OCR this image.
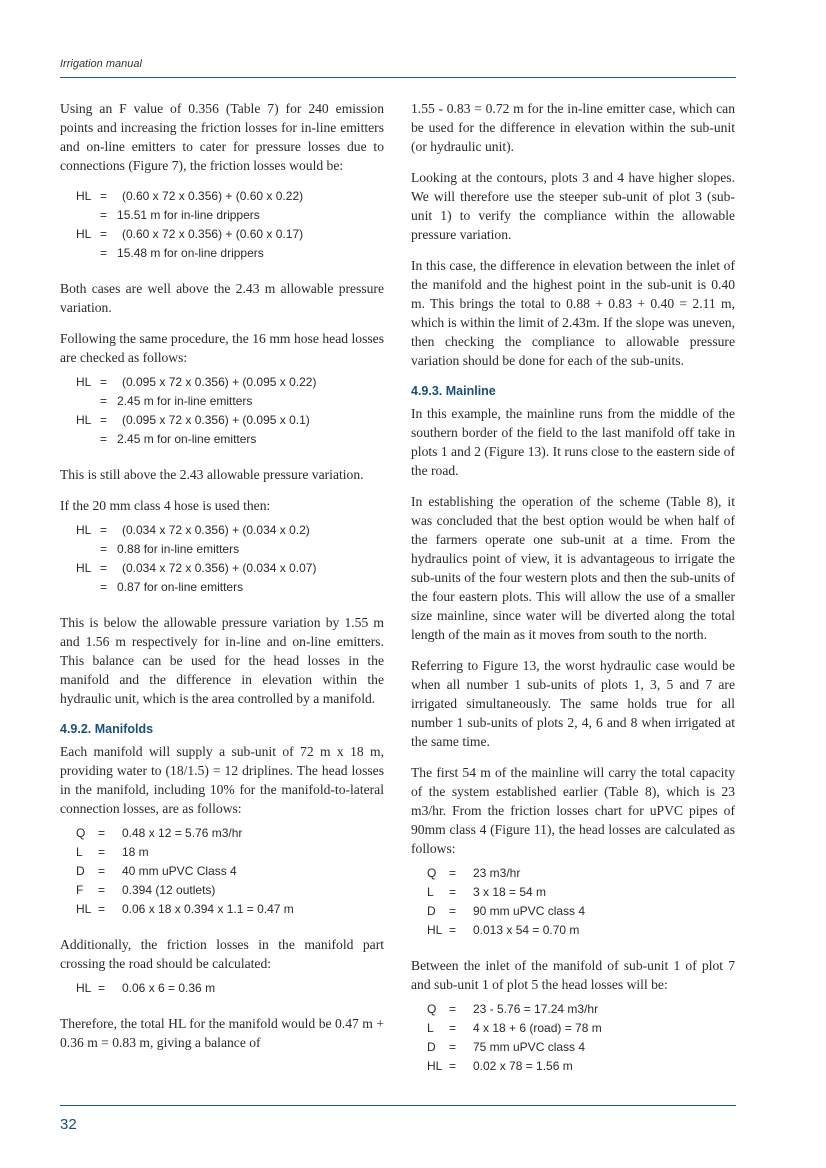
Irrigation manual

Using an F value of 0.356 (Table 7) for 240 emission points and increasing the friction losses for in-line emitters and on-line emitters to cater for pressure losses due to connections (Figure 7), the friction losses would be:

HL	=	(0.60 x 72 x 0.356) + (0.60 x 0.22)
=   15.51 m for in-line drippers		
HL	=	(0.60 x 72 x 0.356) + (0.60 x 0.17)
=   15.48 m for on-line drippers		

Both cases are well above the 2.43 m allowable pressure variation.

Following the same procedure, the 16 mm hose head losses are checked as follows:

HL	=	(0.095 x 72 x 0.356) + (0.095 x 0.22)
=   2.45 m for in-line emitters		
HL	=	(0.095 x 72 x 0.356) + (0.095 x 0.1)
=   2.45 m for on-line emitters		

This is still above the 2.43 allowable pressure variation.

If the 20 mm class 4 hose is used then:

HL	=	(0.034 x 72 x 0.356) + (0.034 x 0.2)
=   0.88 for in-line emitters		
HL	=	(0.034 x 72 x 0.356) + (0.034 x 0.07)
=   0.87 for on-line emitters		

This is below the allowable pressure variation by 1.55 m and 1.56 m respectively for in-line and on-line emitters. This balance can be used for the head losses in the manifold and the difference in elevation within the hydraulic unit, which is the area controlled by a manifold.

4.9.2. Manifolds

Each manifold will supply a sub-unit of 72 m x 18 m, providing water to (18/1.5) = 12 driplines. The head losses in the manifold, including 10% for the manifold-to-lateral connection losses, are as follows:

Q	=	0.48 x 12 = 5.76 m3/hr
L	=	18 m
D	=	40 mm uPVC Class 4
F	=	0.394 (12 outlets)
HL	=	0.06 x 18 x 0.394 x 1.1 = 0.47 m

Additionally, the friction losses in the manifold part crossing the road should be calculated:

HL	=	0.06 x 6 = 0.36 m

Therefore, the total HL for the manifold would be 0.47 m + 0.36 m = 0.83 m, giving a balance of

1.55 - 0.83 = 0.72 m for the in-line emitter case, which can be used for the difference in elevation within the sub-unit (or hydraulic unit).

Looking at the contours, plots 3 and 4 have higher slopes. We will therefore use the steeper sub-unit of plot 3 (sub-unit 1) to verify the compliance within the allowable pressure variation.

In this case, the difference in elevation between the inlet of the manifold and the highest point in the sub-unit is 0.40 m. This brings the total to 0.88 + 0.83 + 0.40 = 2.11 m, which is within the limit of 2.43m. If the slope was uneven, then checking the compliance to allowable pressure variation should be done for each of the sub-units.

4.9.3. Mainline

In this example, the mainline runs from the middle of the southern border of the field to the last manifold off take in plots 1 and 2 (Figure 13). It runs close to the eastern side of the road.

In establishing the operation of the scheme (Table 8), it was concluded that the best option would be when half of the farmers operate one sub-unit at a time. From the hydraulics point of view, it is advantageous to irrigate the sub-units of the four western plots and then the sub-units of the four eastern plots. This will allow the use of a smaller size mainline, since water will be diverted along the total length of the main as it moves from south to the north.

Referring to Figure 13, the worst hydraulic case would be when all number 1 sub-units of plots 1, 3, 5 and 7 are irrigated simultaneously. The same holds true for all number 1 sub-units of plots 2, 4, 6 and 8 when irrigated at the same time.

The first 54 m of the mainline will carry the total capacity of the system established earlier (Table 8), which is 23 m3/hr. From the friction losses chart for uPVC pipes of 90mm class 4 (Figure 11), the head losses are calculated as follows:

Q	=	23 m3/hr
L	=	3 x 18 = 54 m
D	=	90 mm uPVC class 4
HL	=	0.013 x 54 = 0.70 m

Between the inlet of the manifold of sub-unit 1 of plot 7 and sub-unit 1 of plot 5 the head losses will be:

Q	=	23 - 5.76 = 17.24 m3/hr
L	=	4 x 18 + 6 (road) = 78 m
D	=	75 mm uPVC class 4
HL	=	0.02 x 78 = 1.56 m
32
